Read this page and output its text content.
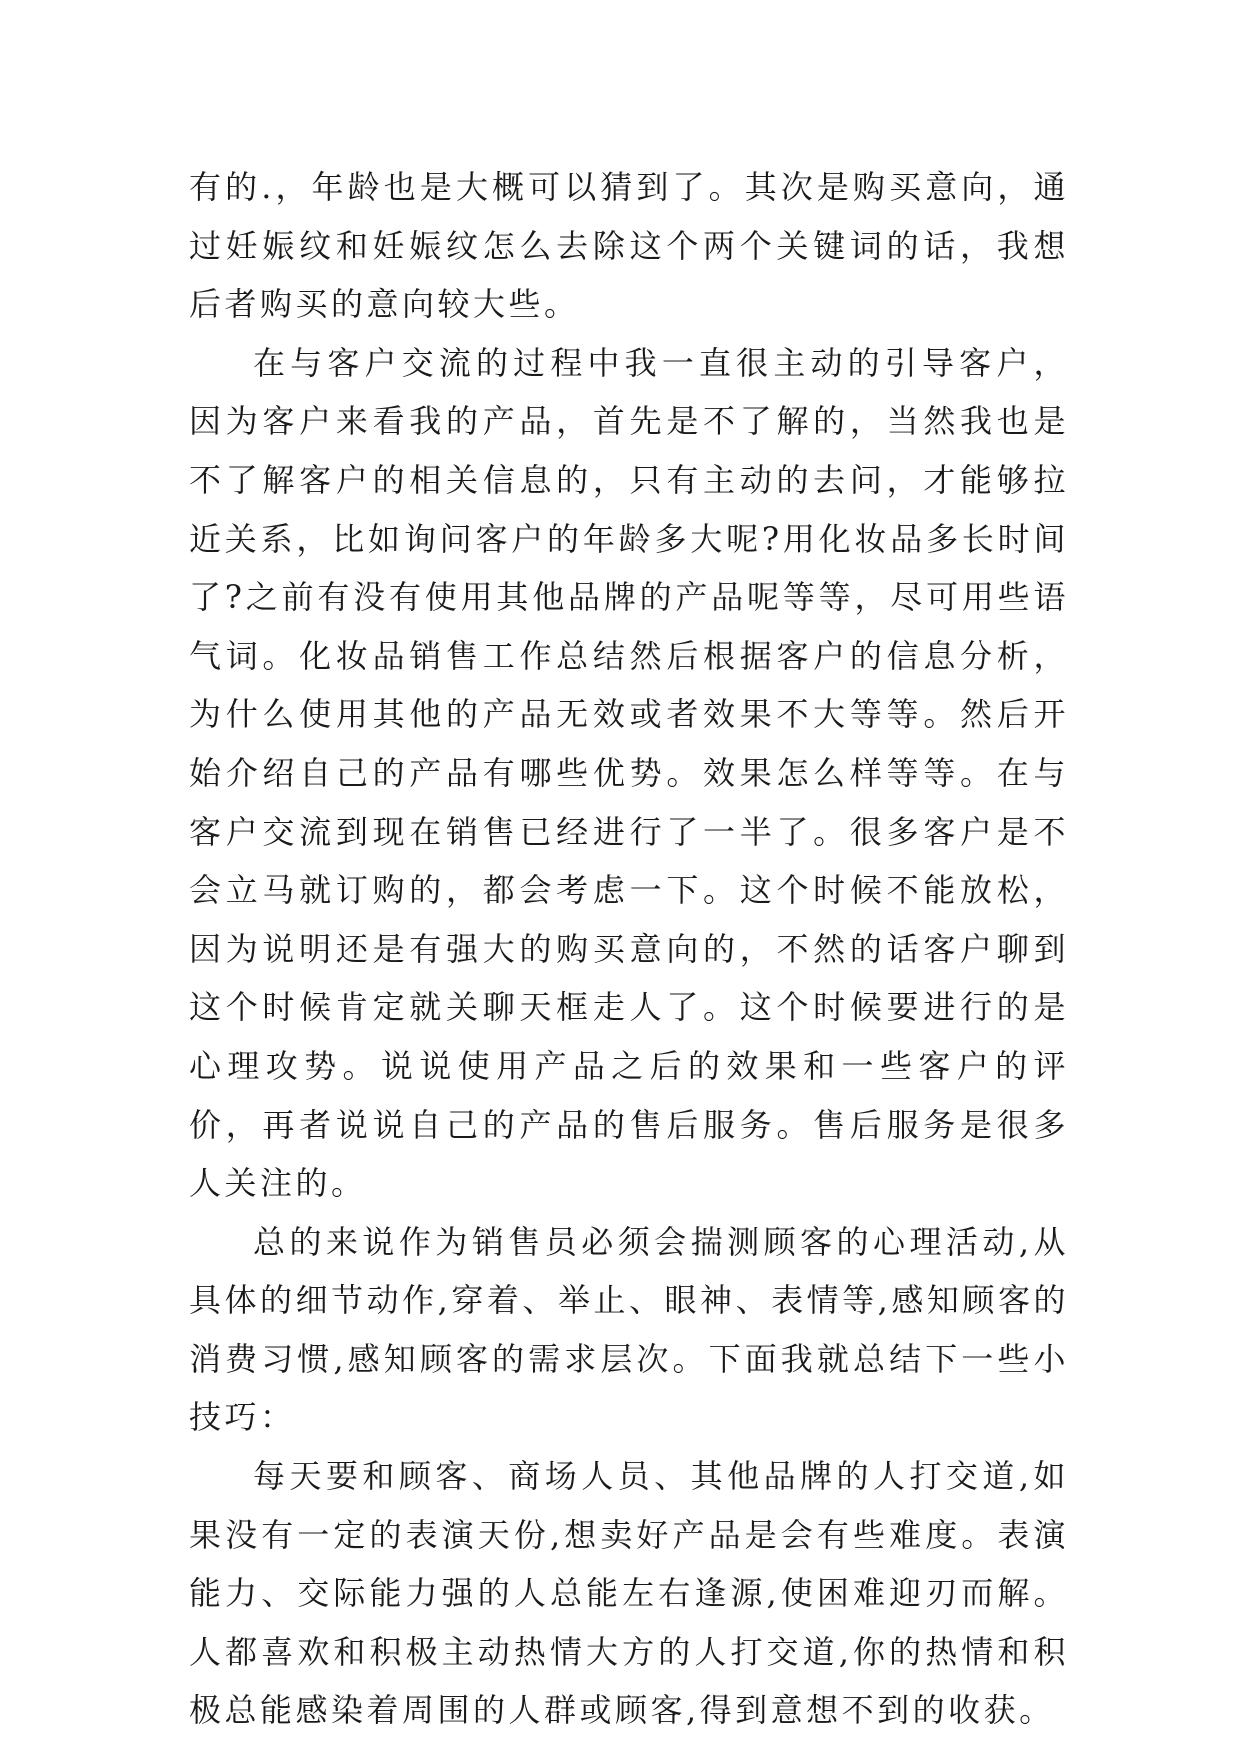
有的.，年龄也是大概可以猜到了。其次是购买意向，通过妊娠纹和妊娠纹怎么去除这个两个关键词的话，我想后者购买的意向较大些。

在与客户交流的过程中我一直很主动的引导客户，因为客户来看我的产品，首先是不了解的，当然我也是不了解客户的相关信息的，只有主动的去问，才能够拉近关系，比如询问客户的年龄多大呢?用化妆品多长时间了?之前有没有使用其他品牌的产品呢等等，尽可用些语气词。化妆品销售工作总结然后根据客户的信息分析，为什么使用其他的产品无效或者效果不大等等。然后开始介绍自己的产品有哪些优势。效果怎么样等等。在与客户交流到现在销售已经进行了一半了。很多客户是不会立马就订购的，都会考虑一下。这个时候不能放松，因为说明还是有强大的购买意向的，不然的话客户聊到这个时候肯定就关聊天框走人了。这个时候要进行的是心理攻势。说说使用产品之后的效果和一些客户的评价，再者说说自己的产品的售后服务。售后服务是很多人关注的。

总的来说作为销售员必须会揣测顾客的心理活动,从具体的细节动作,穿着、举止、眼神、表情等,感知顾客的消费习惯,感知顾客的需求层次。下面我就总结下一些小技巧：

每天要和顾客、商场人员、其他品牌的人打交道,如果没有一定的表演天份,想卖好产品是会有些难度。表演能力、交际能力强的人总能左右逢源,使困难迎刃而解。人都喜欢和积极主动热情大方的人打交道,你的热情和积极总能感染着周围的人群或顾客,得到意想不到的收获。
